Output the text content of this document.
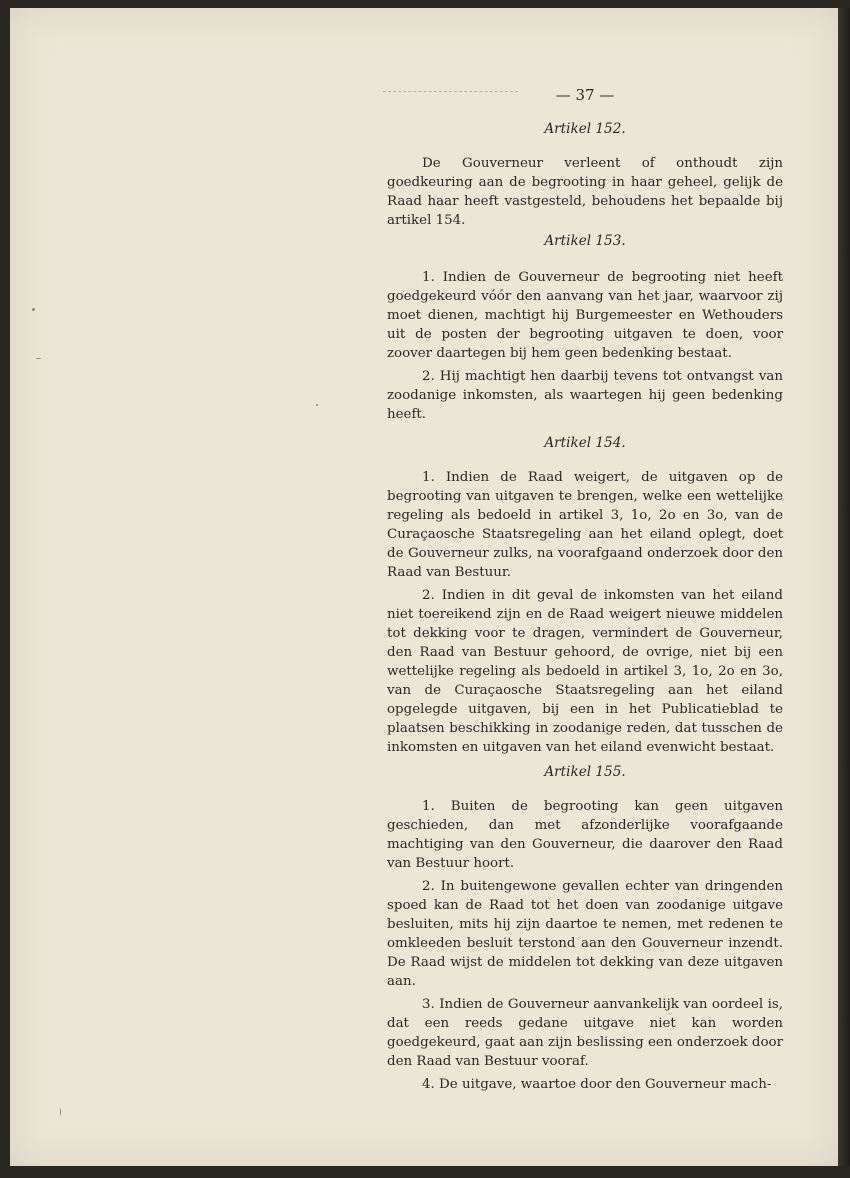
— 37 —
Artikel 152.

De Gouverneur verleent of onthoudt zijn goedkeuring aan de begrooting in haar geheel, gelijk de Raad haar heeft vastgesteld, behoudens het bepaalde bij artikel 154.

Artikel 153.

1. Indien de Gouverneur de begrooting niet heeft goedgekeurd vóór den aanvang van het jaar, waarvoor zij moet dienen, machtigt hij Burgemeester en Wethouders uit de posten der begrooting uitgaven te doen, voor zoover daartegen bij hem geen bedenking bestaat.

2. Hij machtigt hen daarbij tevens tot ontvangst van zoodanige inkomsten, als waartegen hij geen bedenking heeft.

Artikel 154.

1. Indien de Raad weigert, de uitgaven op de begrooting van uitgaven te brengen, welke een wettelijke regeling als bedoeld in artikel 3, 1o, 2o en 3o, van de Curaçaosche Staatsregeling aan het eiland oplegt, doet de Gouverneur zulks, na voorafgaand onderzoek door den Raad van Bestuur.

2. Indien in dit geval de inkomsten van het eiland niet toereikend zijn en de Raad weigert nieuwe middelen tot dekking voor te dragen, vermindert de Gouverneur, den Raad van Bestuur gehoord, de ovrige, niet bij een wettelijke regeling als bedoeld in artikel 3, 1o, 2o en 3o, van de Curaçaosche Staatsregeling aan het eiland opgelegde uitgaven, bij een in het Publicatieblad te plaatsen beschikking in zoodanige reden, dat tusschen de inkomsten en uitgaven van het eiland evenwicht bestaat.

Artikel 155.

1. Buiten de begrooting kan geen uitgaven geschieden, dan met afzonderlijke voorafgaande machtiging van den Gouverneur, die daarover den Raad van Bestuur hoort.

2. In buitengewone gevallen echter van dringenden spoed kan de Raad tot het doen van zoodanige uitgave besluiten, mits hij zijn daartoe te nemen, met redenen te omkleeden besluit terstond aan den Gouverneur inzendt. De Raad wijst de middelen tot dekking van deze uitgaven aan.

3. Indien de Gouverneur aanvankelijk van oordeel is, dat een reeds gedane uitgave niet kan worden goedgekeurd, gaat aan zijn beslissing een onderzoek door den Raad van Bestuur vooraf.

4. De uitgave, waartoe door den Gouverneur mach-
